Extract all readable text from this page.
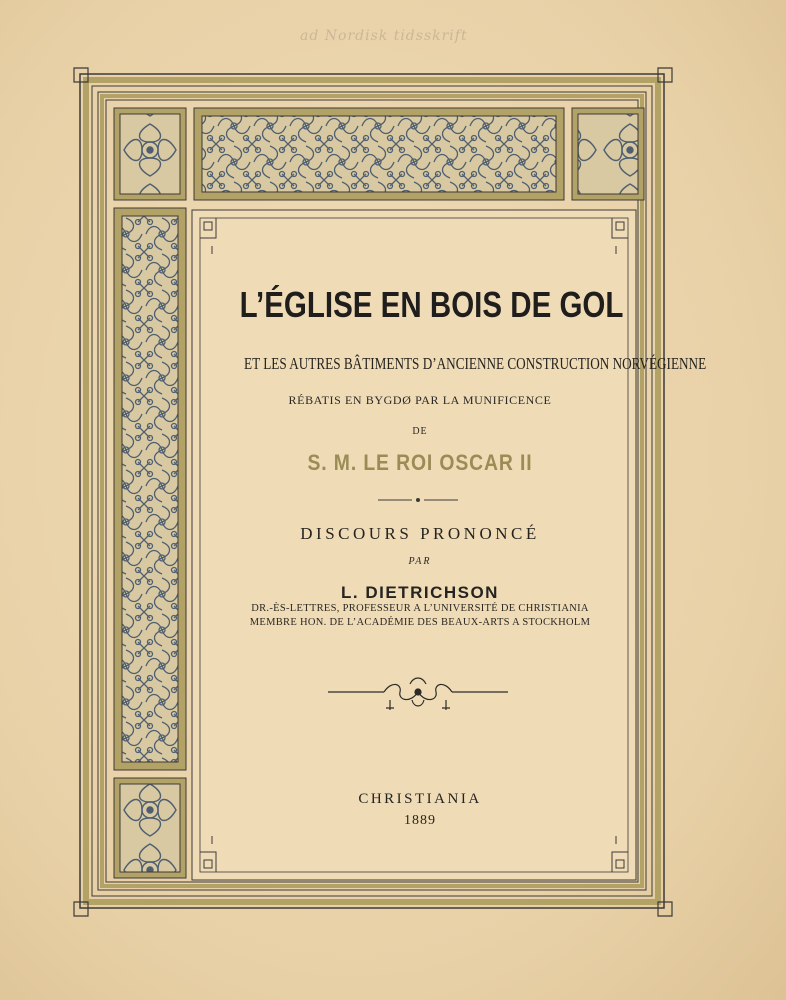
ad Nordisk tidsskrift
L’ÉGLISE EN BOIS DE GOL
ET LES AUTRES BÂTIMENTS D’ANCIENNE CONSTRUCTION NORVÉGIENNE
RÉBATIS EN BYGDØ PAR LA MUNIFICENCE
DE
S. M. LE ROI OSCAR II
DISCOURS PRONONCÉ
PAR
L. DIETRICHSON
DR.-ÈS-LETTRES, PROFESSEUR A L’UNIVERSITÉ DE CHRISTIANIA
MEMBRE HON. DE L’ACADÉMIE DES BEAUX-ARTS A STOCKHOLM
CHRISTIANIA
1889
